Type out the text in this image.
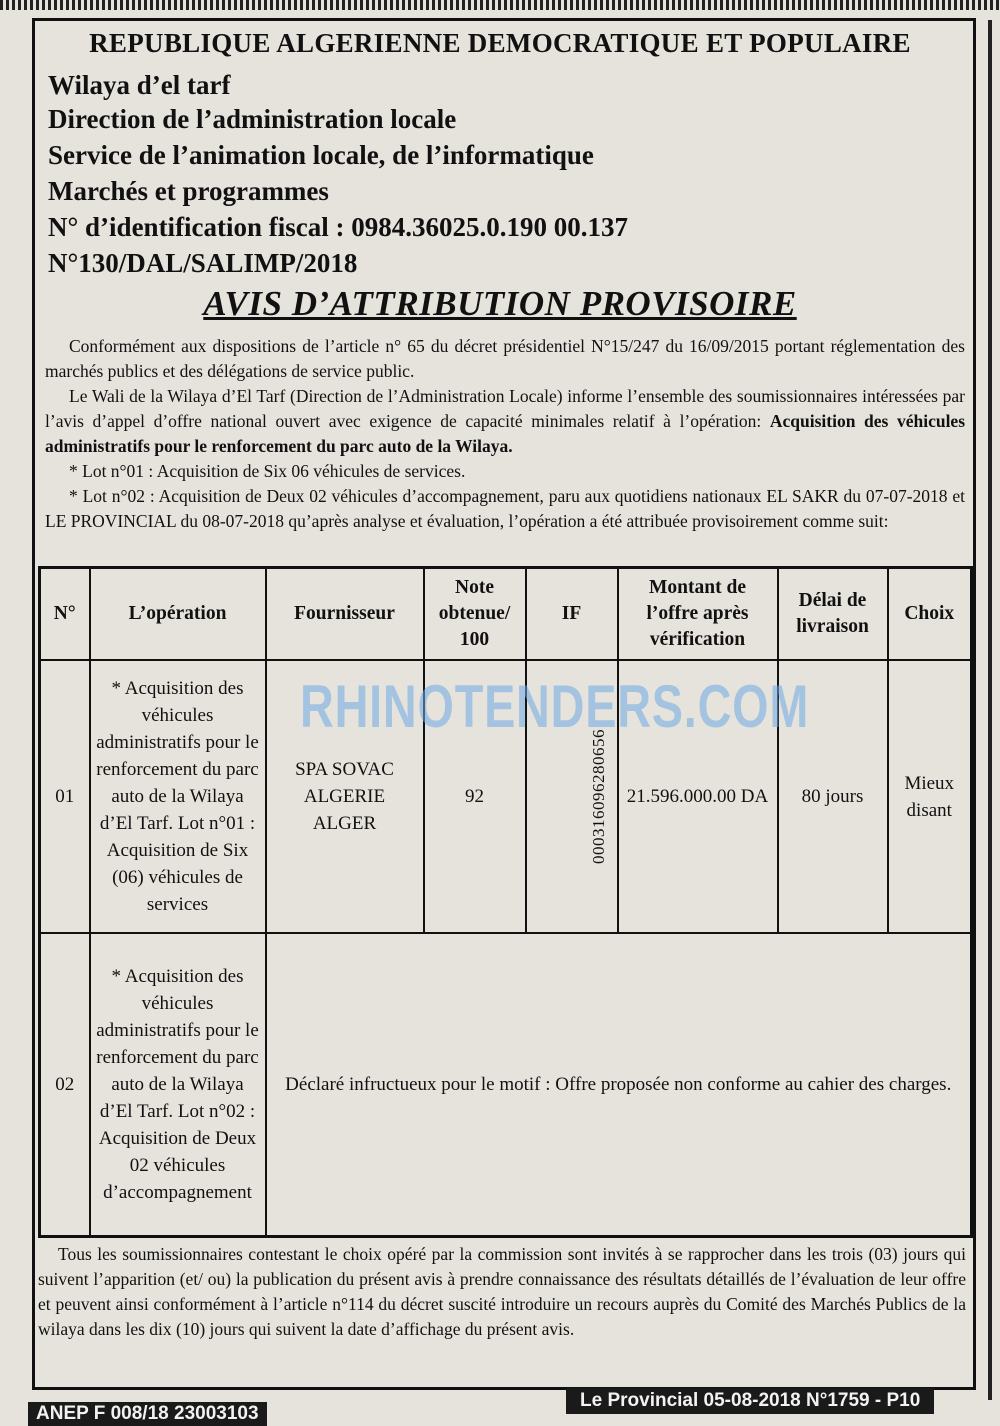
REPUBLIQUE ALGERIENNE DEMOCRATIQUE ET POPULAIRE
Wilaya d’el tarf
Direction de l’administration locale
Service de l’animation locale, de l’informatique
Marchés et programmes
N° d’identification fiscal : 0984.36025.0.190 00.137
N°130/DAL/SALIMP/2018
AVIS D’ATTRIBUTION PROVISOIRE
Conformément aux dispositions de l’article n° 65 du décret présidentiel N°15/247 du 16/09/2015 portant réglementation des marchés publics et des délégations de service public.
Le Wali de la Wilaya d’El Tarf (Direction de l’Administration Locale) informe l’ensemble des soumissionnaires intéressées par l’avis d’appel d’offre national ouvert avec exigence de capacité minimales relatif à l’opération: Acquisition des véhicules administratifs pour le renforcement du parc auto de la Wilaya.
* Lot n°01 : Acquisition de Six 06 véhicules de services.
* Lot n°02 : Acquisition de Deux 02 véhicules d’accompagnement, paru aux quotidiens nationaux EL SAKR du 07-07-2018 et LE PROVINCIAL du 08-07-2018 qu’après analyse et évaluation, l’opération a été attribuée provisoirement comme suit:
N°	L’opération	Fournisseur	Note obtenue/ 100	IF	Montant de l’offre après vérification	Délai de livraison	Choix
01	* Acquisition des véhicules administratifs pour le renforcement du parc auto de la Wilaya d’El Tarf. Lot n°01 : Acquisition de Six (06) véhicules de services	SPA SOVAC ALGERIE ALGER	92	000316096280656	21.596.000.00 DA	80 jours	Mieux disant
02	* Acquisition des véhicules administratifs pour le renforcement du parc auto de la Wilaya d’El Tarf. Lot n°02 : Acquisition de Deux 02 véhicules d’accompagnement	Déclaré infructueux pour le motif : Offre proposée non conforme au cahier des charges.					
RHINOTENDERS.COM
Tous les soumissionnaires contestant le choix opéré par la commission sont invités à se rapprocher dans les trois (03) jours qui suivent l’apparition (et/ ou) la publication du présent avis à prendre connaissance des résultats détaillés de l’évaluation de leur offre et peuvent ainsi conformément à l’article n°114 du décret suscité introduire un recours auprès du Comité des Marchés Publics de la wilaya dans les dix (10) jours qui suivent la date d’affichage du présent avis.
ANEP F 008/18 23003103
Le Provincial 05-08-2018 N°1759 - P10
